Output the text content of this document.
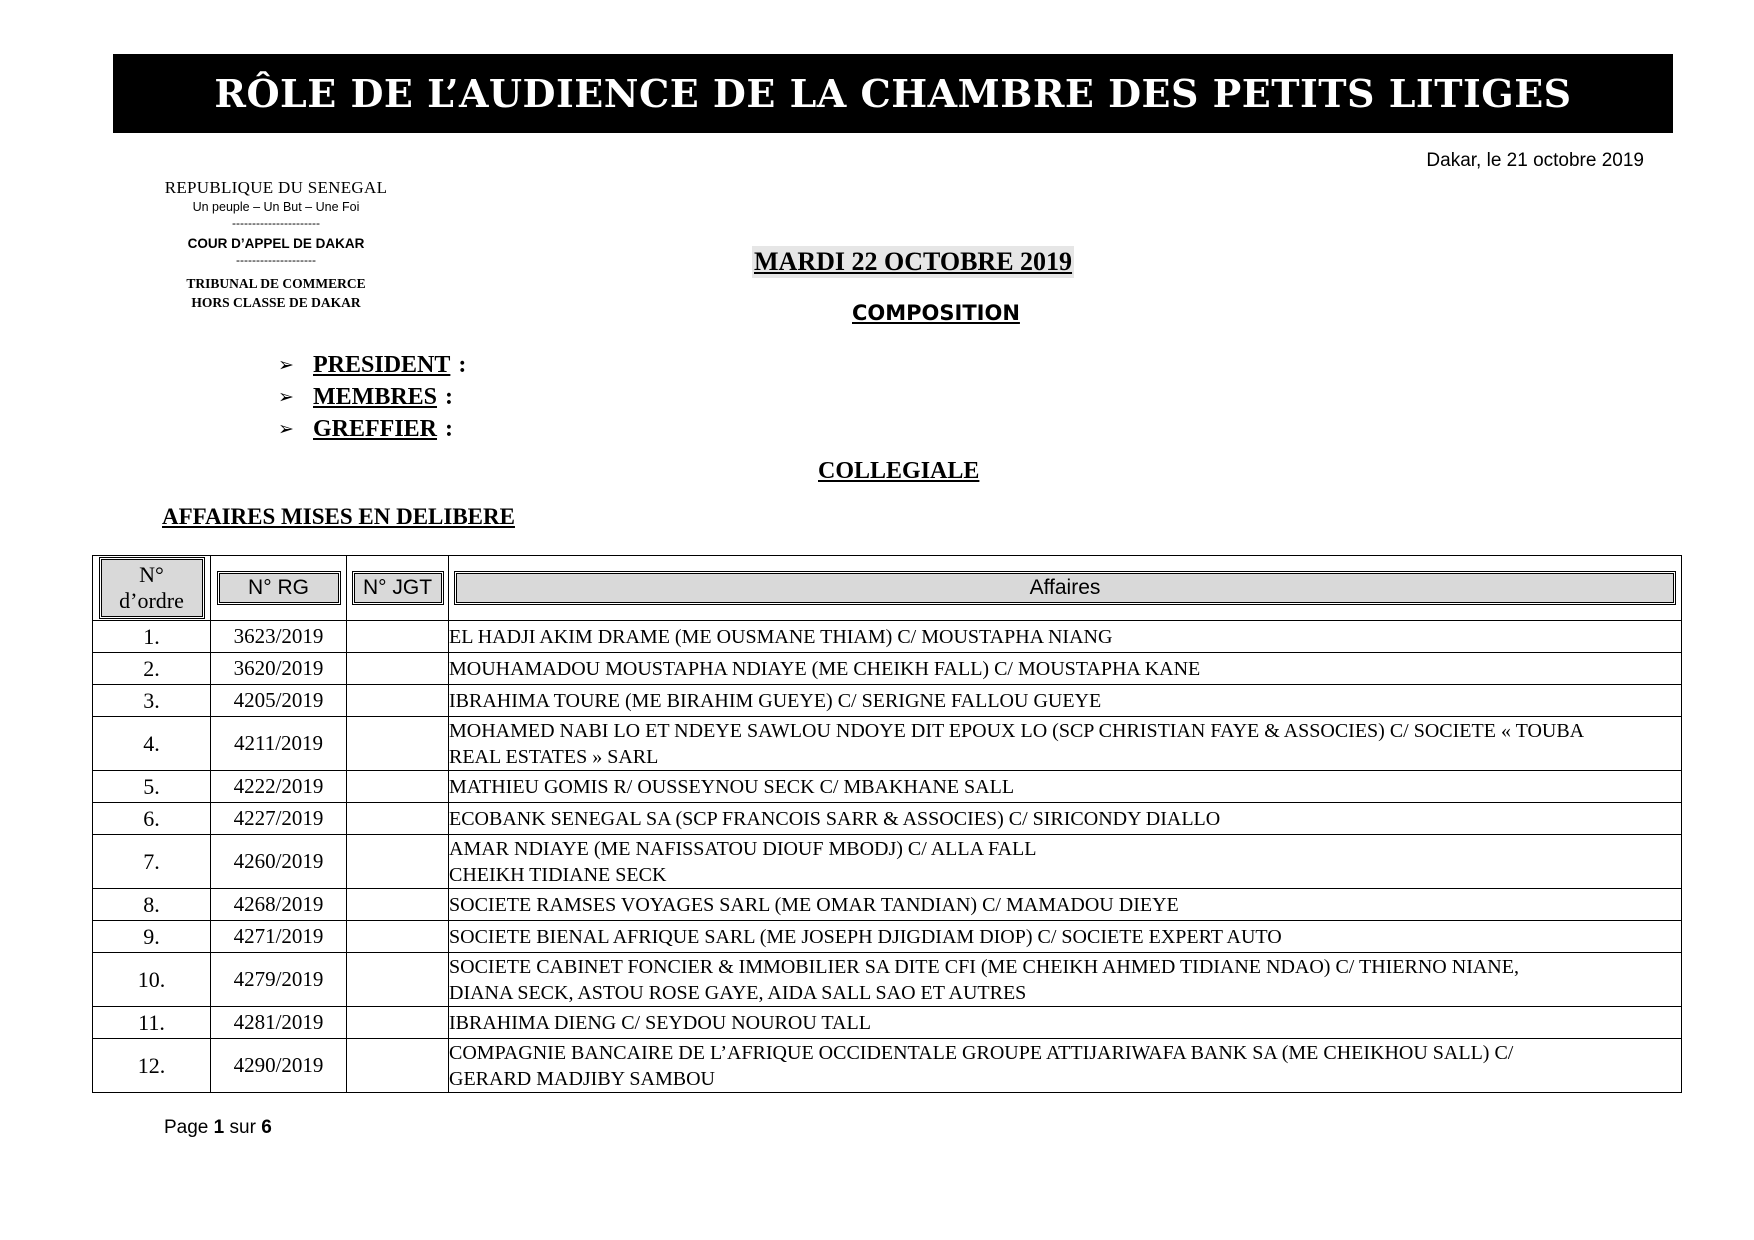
RÔLE DE L’AUDIENCE DE LA CHAMBRE DES PETITS LITIGES
Dakar, le 21 octobre 2019
REPUBLIQUE DU SENEGAL
Un peuple – Un But – Une Foi
----------------------
COUR D’APPEL DE DAKAR
--------------------
TRIBUNAL DE COMMERCE
HORS CLASSE DE DAKAR
MARDI 22 OCTOBRE 2019
COMPOSITION
➢ PRESIDENT :
➢ MEMBRES :
➢ GREFFIER :
COLLEGIALE
AFFAIRES MISES EN DELIBERE
N°
d’ordre	N° RG	N° JGT	Affaires

1.	3623/2019		EL HADJI AKIM DRAME (ME OUSMANE THIAM) C/ MOUSTAPHA NIANG

2.	3620/2019		MOUHAMADOU MOUSTAPHA NDIAYE (ME CHEIKH FALL) C/ MOUSTAPHA KANE

3.	4205/2019		IBRAHIMA TOURE (ME BIRAHIM GUEYE) C/ SERIGNE FALLOU GUEYE

4.	4211/2019		MOHAMED NABI LO ET NDEYE SAWLOU NDOYE DIT EPOUX LO (SCP CHRISTIAN FAYE & ASSOCIES) C/ SOCIETE « TOUBA
REAL ESTATES » SARL

5.	4222/2019		MATHIEU GOMIS R/ OUSSEYNOU SECK C/ MBAKHANE SALL

6.	4227/2019		ECOBANK SENEGAL SA (SCP FRANCOIS SARR & ASSOCIES) C/ SIRICONDY DIALLO

7.	4260/2019		AMAR NDIAYE (ME NAFISSATOU DIOUF MBODJ) C/ ALLA FALL
CHEIKH TIDIANE SECK

8.	4268/2019		SOCIETE RAMSES VOYAGES SARL (ME OMAR TANDIAN) C/ MAMADOU DIEYE

9.	4271/2019		SOCIETE BIENAL AFRIQUE SARL (ME JOSEPH DJIGDIAM DIOP) C/ SOCIETE EXPERT AUTO

10.	4279/2019		SOCIETE CABINET FONCIER & IMMOBILIER SA DITE CFI (ME CHEIKH AHMED TIDIANE NDAO) C/ THIERNO NIANE,
DIANA SECK, ASTOU ROSE GAYE, AIDA SALL SAO ET AUTRES

11.	4281/2019		IBRAHIMA DIENG C/ SEYDOU NOUROU TALL

12.	4290/2019		COMPAGNIE BANCAIRE DE L’AFRIQUE OCCIDENTALE GROUPE ATTIJARIWAFA BANK SA (ME CHEIKHOU SALL) C/
GERARD MADJIBY SAMBOU
Page 1 sur 6
